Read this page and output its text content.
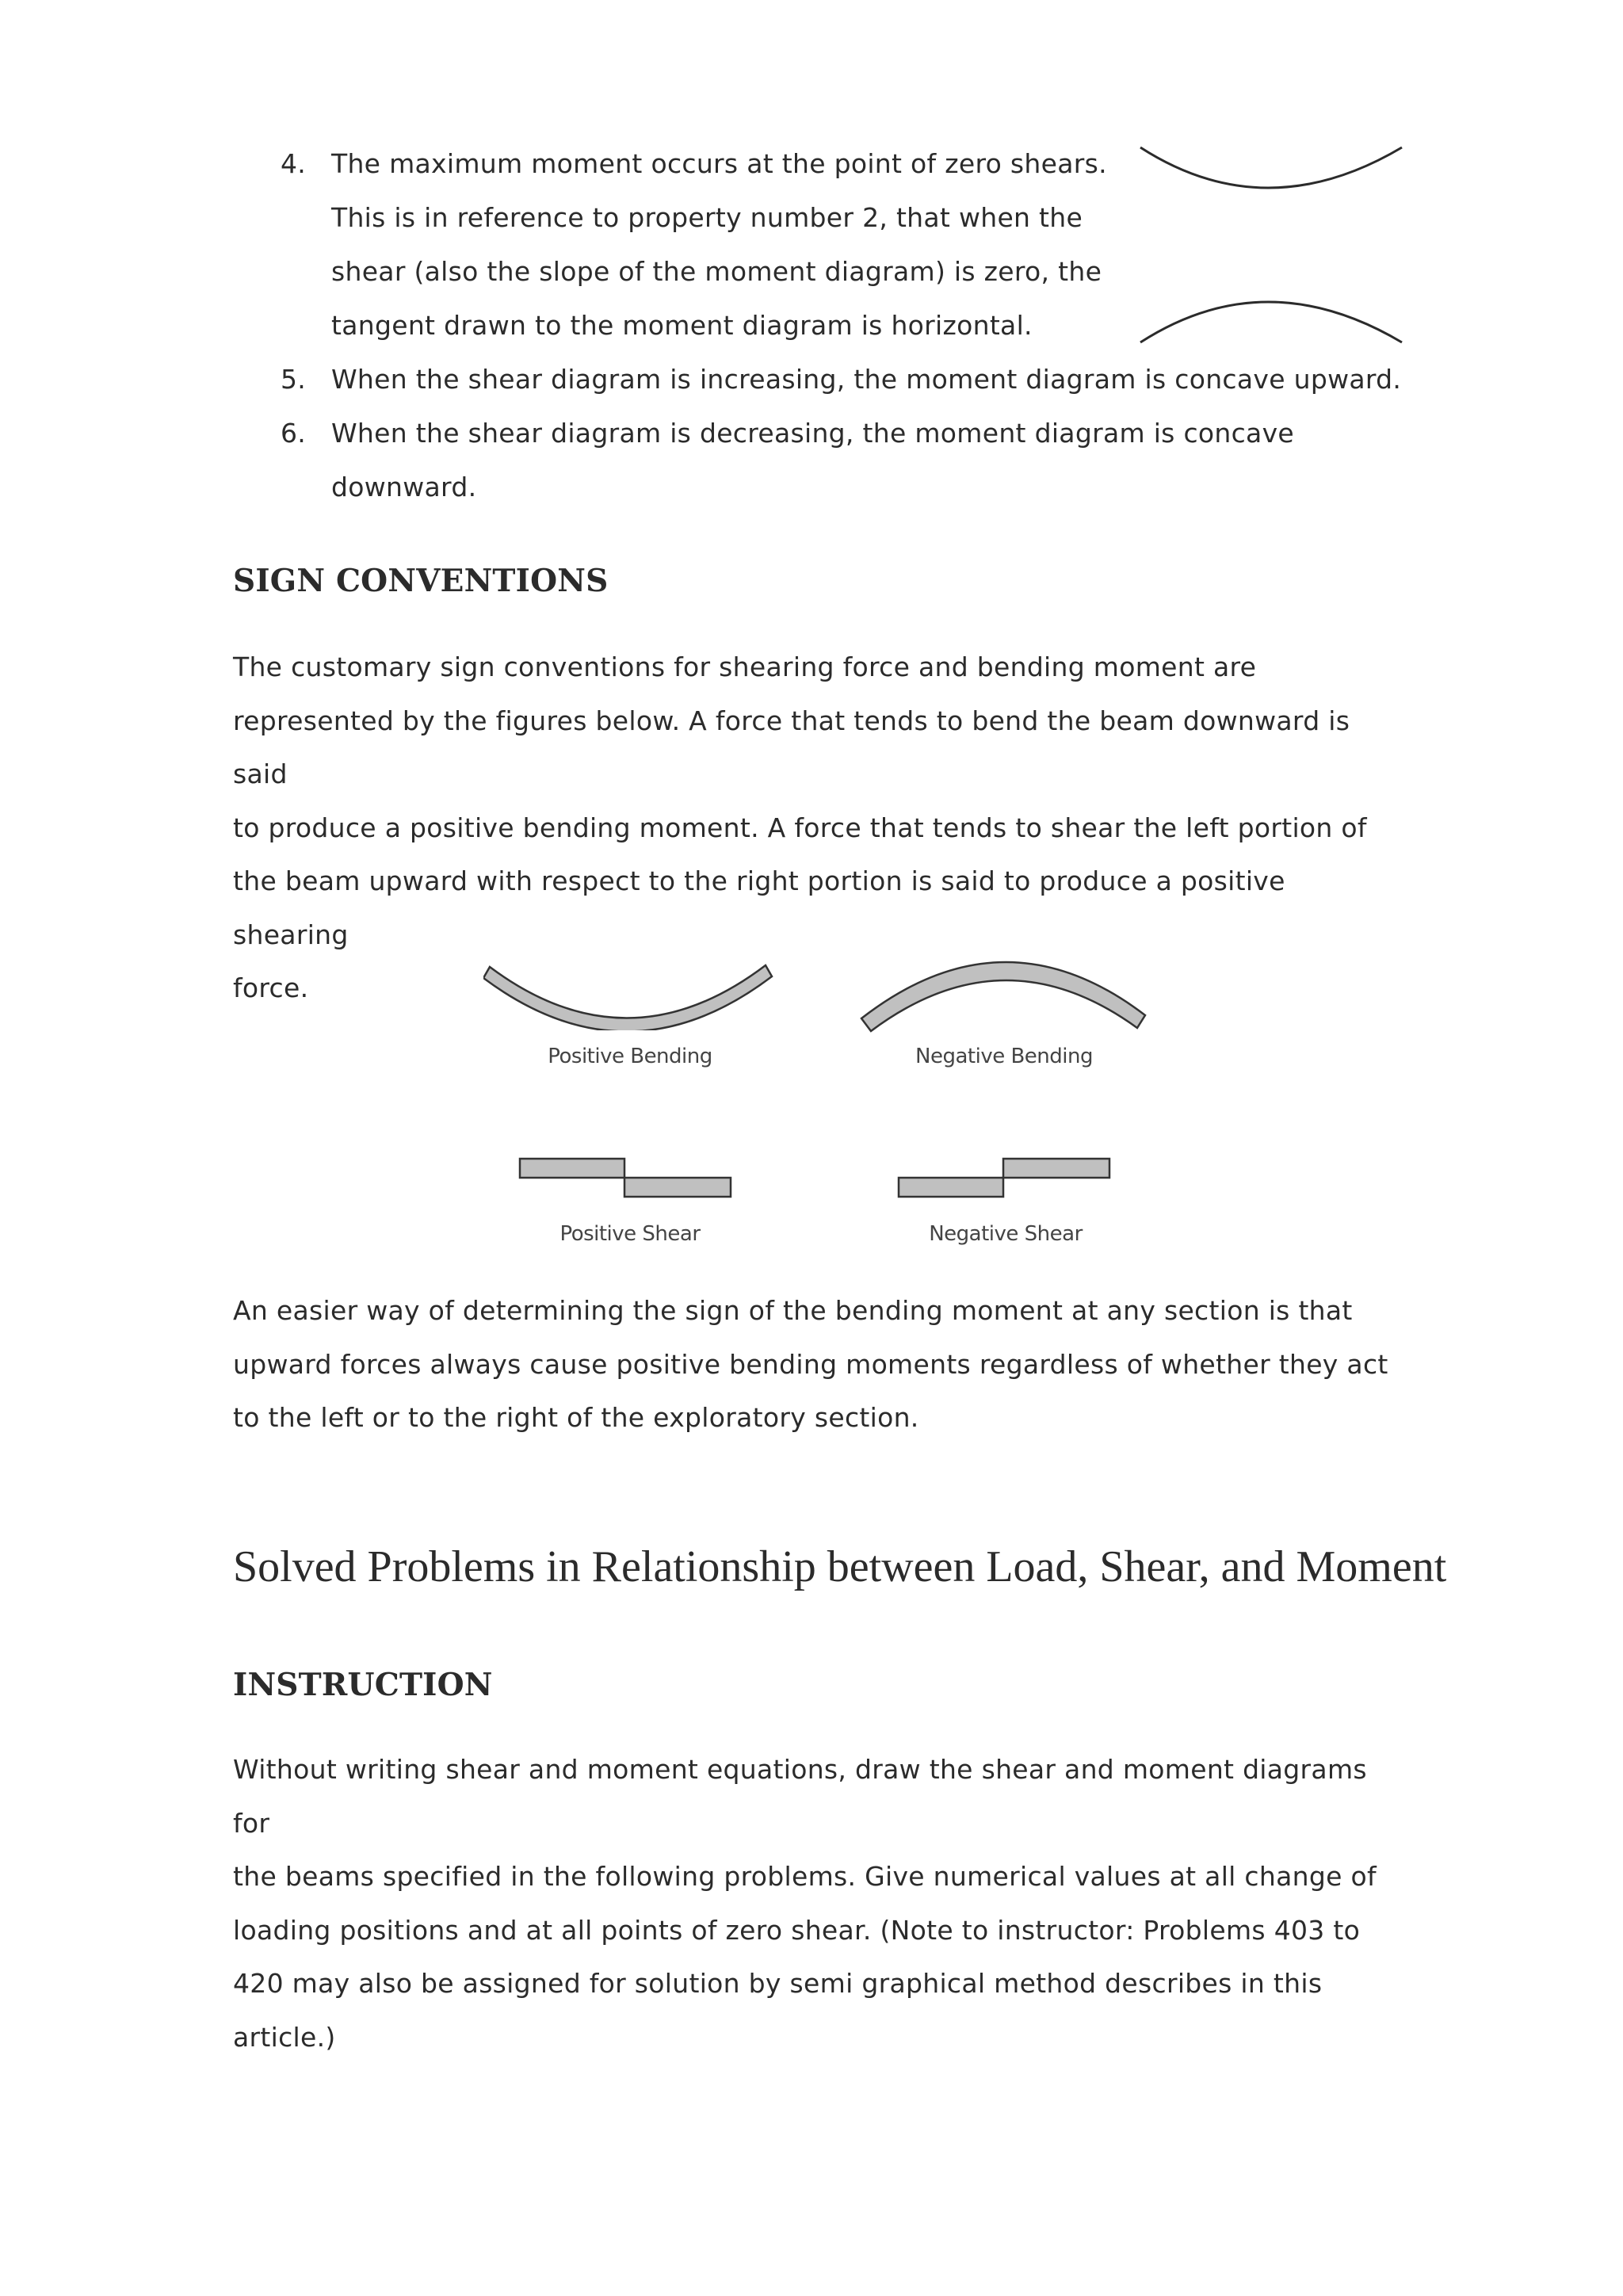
4. The maximum moment occurs at the point of zero shears.
This is in reference to property number 2, that when the
shear (also the slope of the moment diagram) is zero, the
tangent drawn to the moment diagram is horizontal.
5. When the shear diagram is increasing, the moment diagram is concave upward.
6. When the shear diagram is decreasing, the moment diagram is concave
downward.
SIGN CONVENTIONS
The customary sign conventions for shearing force and bending moment are
represented by the figures below. A force that tends to bend the beam downward is said
to produce a positive bending moment. A force that tends to shear the left portion of
the beam upward with respect to the right portion is said to produce a positive shearing
force.
Positive Bending	Negative Bending
Positive Shear	Negative Shear
An easier way of determining the sign of the bending moment at any section is that
upward forces always cause positive bending moments regardless of whether they act
to the left or to the right of the exploratory section.
Solved Problems in Relationship between Load, Shear, and Moment
INSTRUCTION
Without writing shear and moment equations, draw the shear and moment diagrams for
the beams specified in the following problems. Give numerical values at all change of
loading positions and at all points of zero shear. (Note to instructor: Problems 403 to
420 may also be assigned for solution by semi graphical method describes in this
article.)
